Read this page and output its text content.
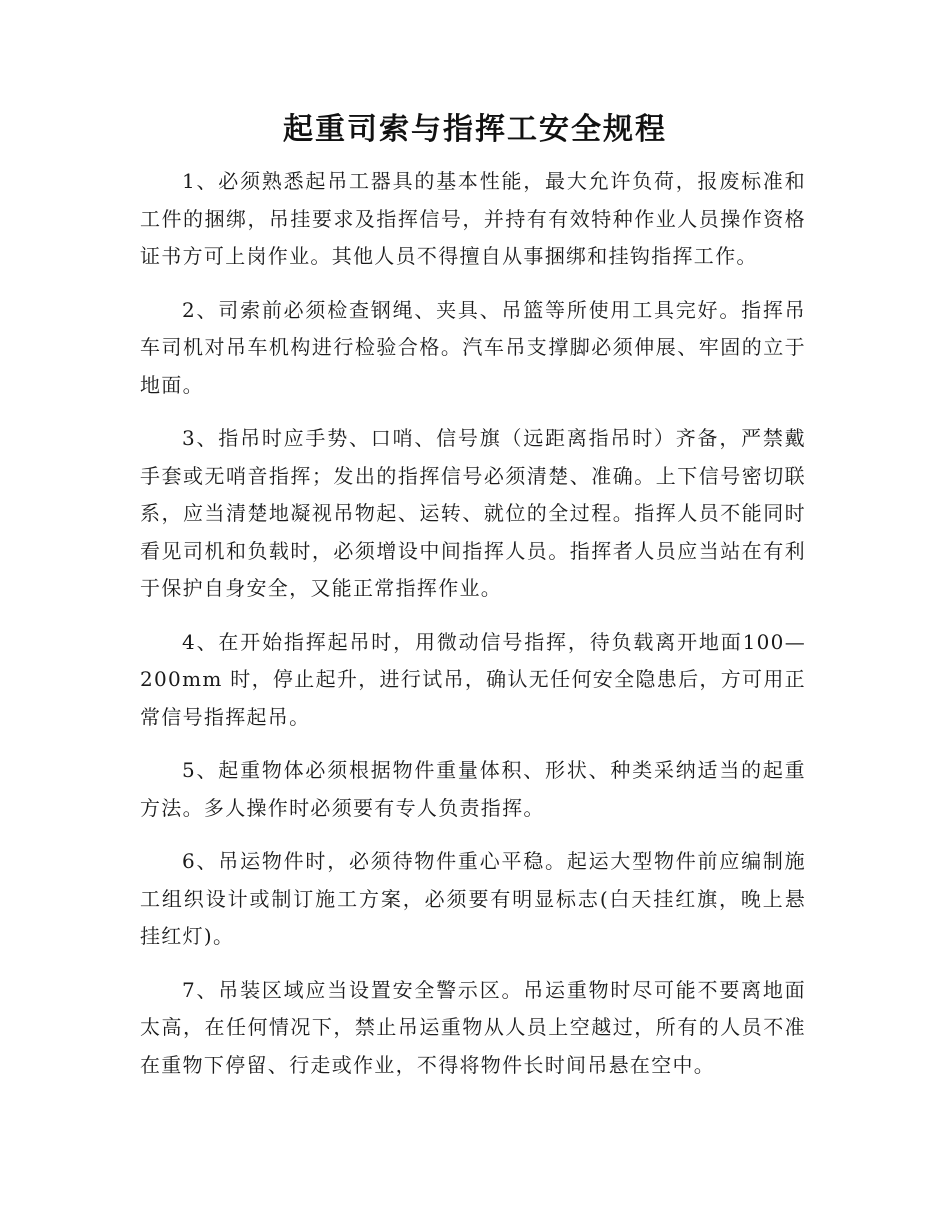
起重司索与指挥工安全规程

1、必须熟悉起吊工器具的基本性能，最大允许负荷，报废标准和工件的捆绑，吊挂要求及指挥信号，并持有有效特种作业人员操作资格证书方可上岗作业。其他人员不得擅自从事捆绑和挂钩指挥工作。

2、司索前必须检查钢绳、夹具、吊篮等所使用工具完好。指挥吊车司机对吊车机构进行检验合格。汽车吊支撑脚必须伸展、牢固的立于地面。

3、指吊时应手势、口哨、信号旗（远距离指吊时）齐备，严禁戴手套或无哨音指挥；发出的指挥信号必须清楚、准确。上下信号密切联系，应当清楚地凝视吊物起、运转、就位的全过程。指挥人员不能同时看见司机和负载时，必须增设中间指挥人员。指挥者人员应当站在有利于保护自身安全，又能正常指挥作业。

4、在开始指挥起吊时，用微动信号指挥，待负载离开地面100—200mm 时，停止起升，进行试吊，确认无任何安全隐患后，方可用正常信号指挥起吊。

5、起重物体必须根据物件重量体积、形状、种类采纳适当的起重方法。多人操作时必须要有专人负责指挥。

6、吊运物件时，必须待物件重心平稳。起运大型物件前应编制施工组织设计或制订施工方案，必须要有明显标志(白天挂红旗，晚上悬挂红灯)。

7、吊装区域应当设置安全警示区。吊运重物时尽可能不要离地面太高，在任何情况下，禁止吊运重物从人员上空越过，所有的人员不准在重物下停留、行走或作业，不得将物件长时间吊悬在空中。
